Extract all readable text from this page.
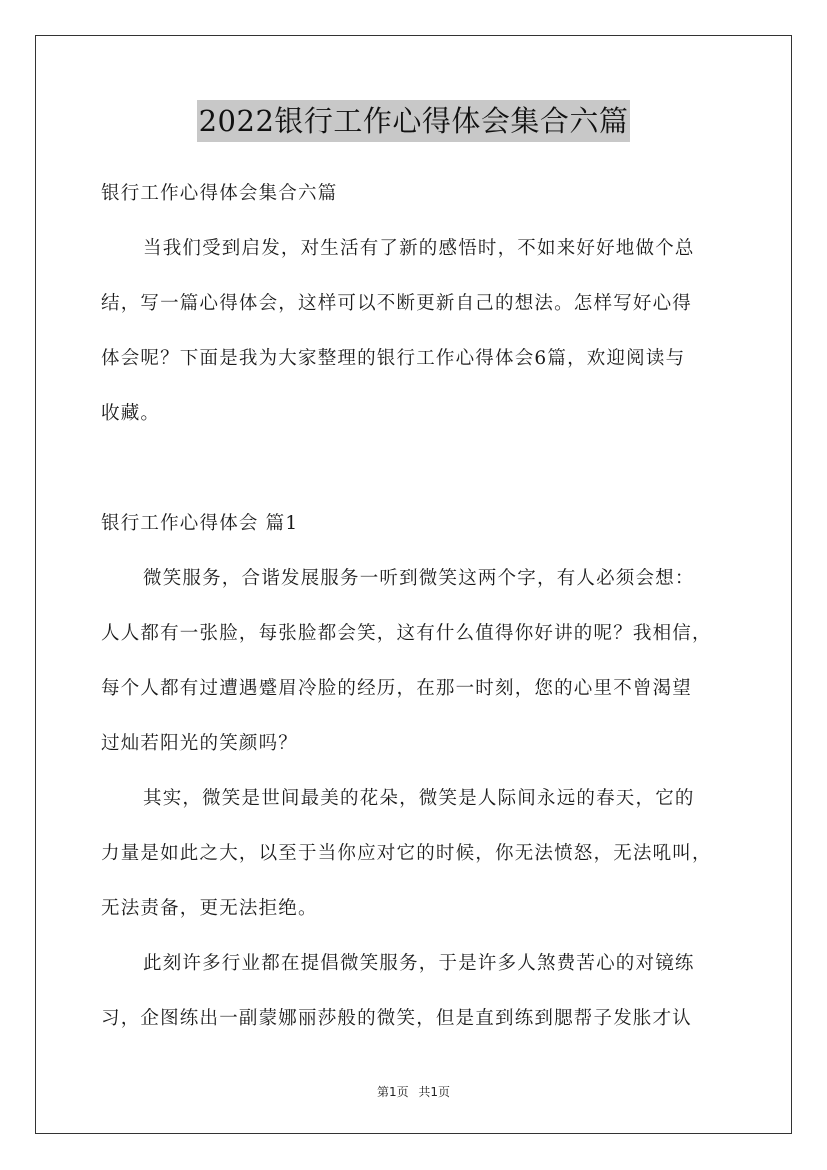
2022银行工作心得体会集合六篇
银行工作心得体会集合六篇
当我们受到启发，对生活有了新的感悟时，不如来好好地做个总
结，写一篇心得体会，这样可以不断更新自己的想法。怎样写好心得
体会呢？下面是我为大家整理的银行工作心得体会6篇，欢迎阅读与
收藏。
银行工作心得体会 篇1
微笑服务，合谐发展服务一听到微笑这两个字，有人必须会想：
人人都有一张脸，每张脸都会笑，这有什么值得你好讲的呢？我相信，
每个人都有过遭遇蹙眉冷脸的经历，在那一时刻，您的心里不曾渴望
过灿若阳光的笑颜吗？
其实，微笑是世间最美的花朵，微笑是人际间永远的春天，它的
力量是如此之大，以至于当你应对它的时候，你无法愤怒，无法吼叫，
无法责备，更无法拒绝。
此刻许多行业都在提倡微笑服务，于是许多人煞费苦心的对镜练
习，企图练出一副蒙娜丽莎般的微笑，但是直到练到腮帮子发胀才认
第1页 共1页
